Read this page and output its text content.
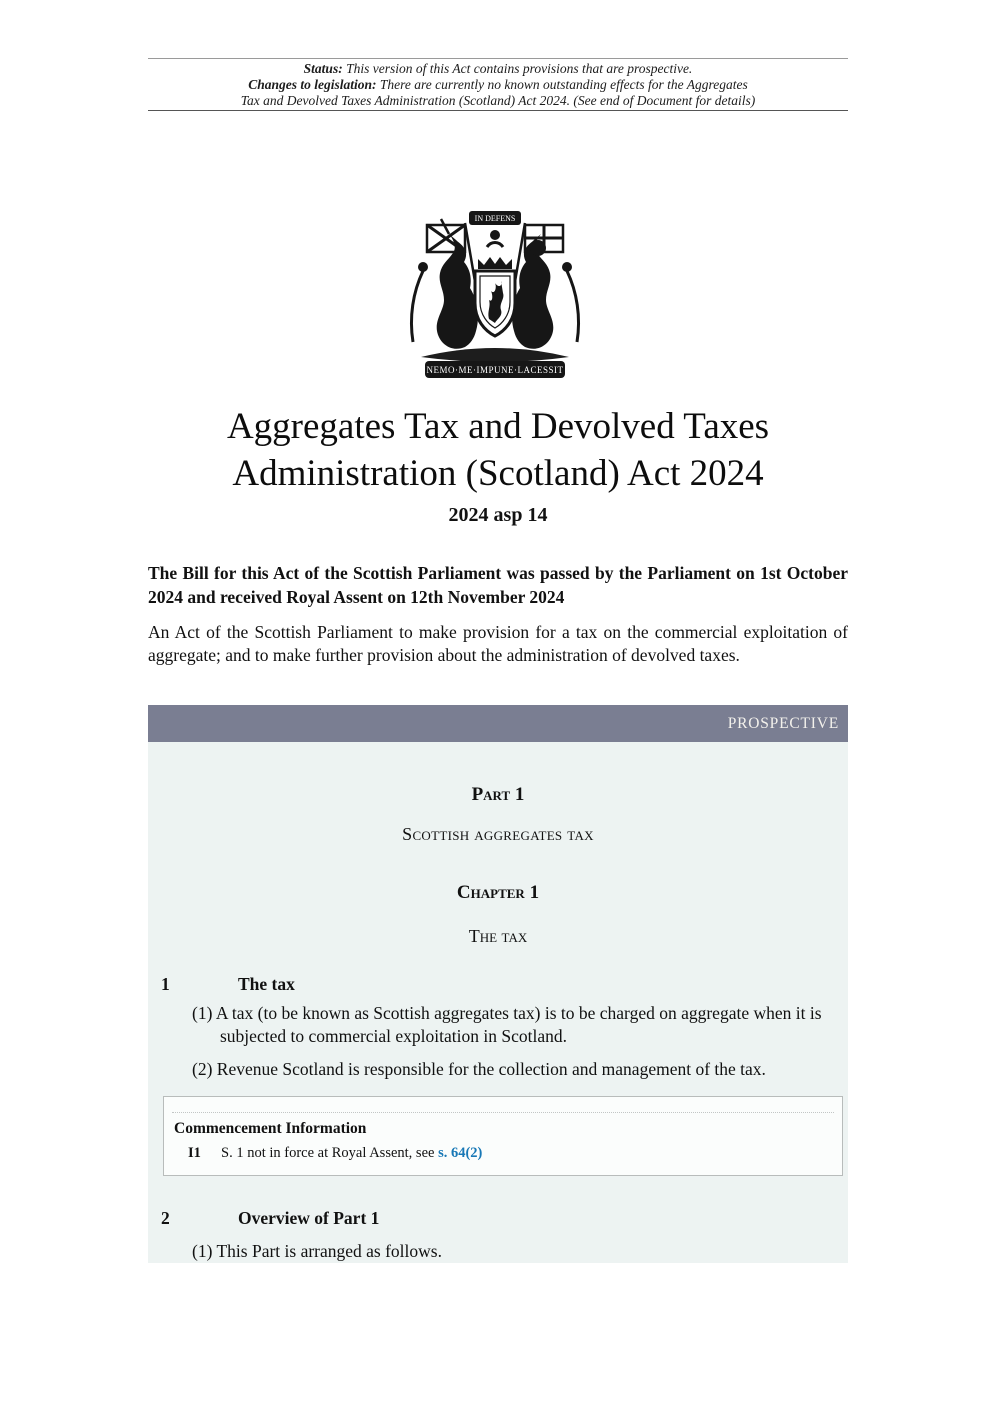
Status: This version of this Act contains provisions that are prospective.
Changes to legislation: There are currently no known outstanding effects for the Aggregates
Tax and Devolved Taxes Administration (Scotland) Act 2024. (See end of Document for details)
IN DEFENS
NEMO·ME·IMPUNE·LACESSIT
Aggregates Tax and Devolved Taxes
Administration (Scotland) Act 2024
2024 asp 14

The Bill for this Act of the Scottish Parliament was passed by the Parliament on 1st October 2024 and received Royal Assent on 12th November 2024

An Act of the Scottish Parliament to make provision for a tax on the commercial exploitation of aggregate; and to make further provision about the administration of devolved taxes.

PROSPECTIVE
Part 1
Scottish aggregates tax
Chapter 1
The tax
1	The tax

(1) A tax (to be known as Scottish aggregates tax) is to be charged on aggregate when it is subjected to commercial exploitation in Scotland.

(2) Revenue Scotland is responsible for the collection and management of the tax.

Commencement Information
I1 S. 1 not in force at Royal Assent, see s. 64(2)
2	Overview of Part 1

(1) This Part is arranged as follows.
